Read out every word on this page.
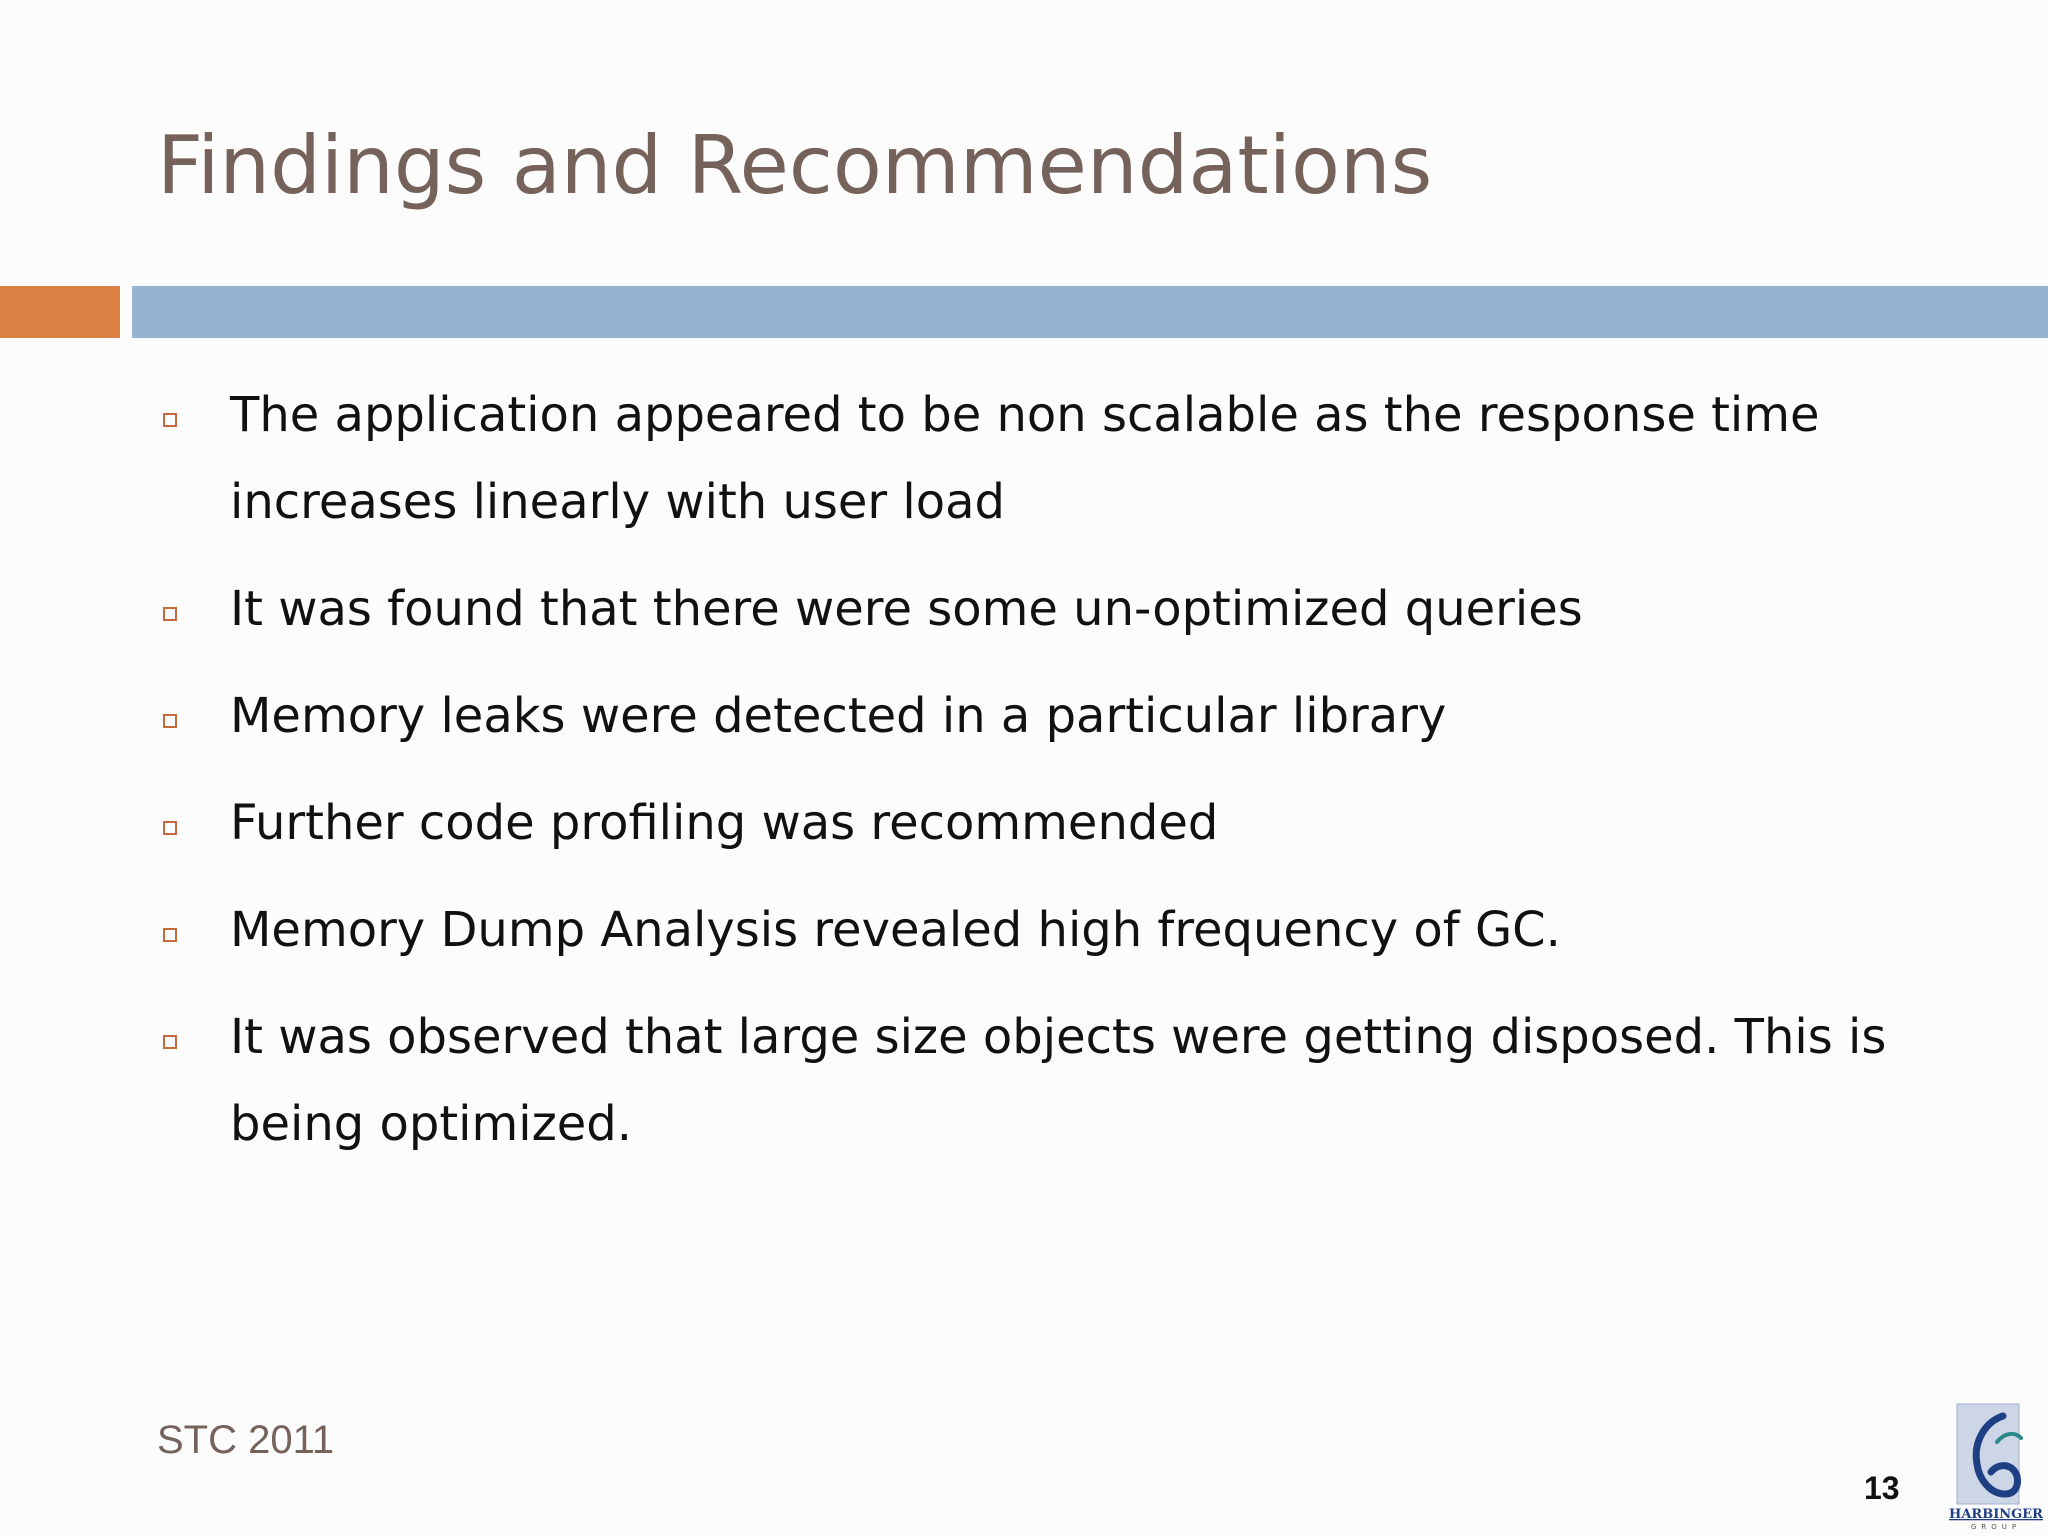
Findings and Recommendations
The application appeared to be non scalable as the response time increases linearly with user load
It was found that there were some un-optimized queries
Memory leaks were detected in a particular library
Further code profiling was recommended
Memory Dump Analysis revealed high frequency of GC.
It was observed that large size objects were getting disposed. This is being optimized.
STC 2011
13
HARBINGER
GROUP
